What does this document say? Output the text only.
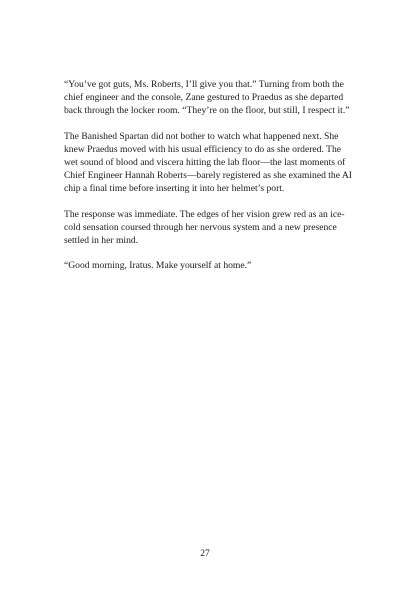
“You’ve got guts, Ms. Roberts, I’ll give you that.” Turning from both the chief engineer and the console, Zane gestured to Praedus as she departed back through the locker room. “They’re on the floor, but still, I respect it.”

The Banished Spartan did not bother to watch what happened next. She knew Praedus moved with his usual efficiency to do as she ordered. The wet sound of blood and viscera hitting the lab floor—the last moments of Chief Engineer Hannah Roberts—barely registered as she examined the AI chip a final time before inserting it into her helmet’s port.

The response was immediate. The edges of her vision grew red as an ice-cold sensation coursed through her nervous system and a new presence settled in her mind.

“Good morning, Iratus. Make yourself at home.”

27
